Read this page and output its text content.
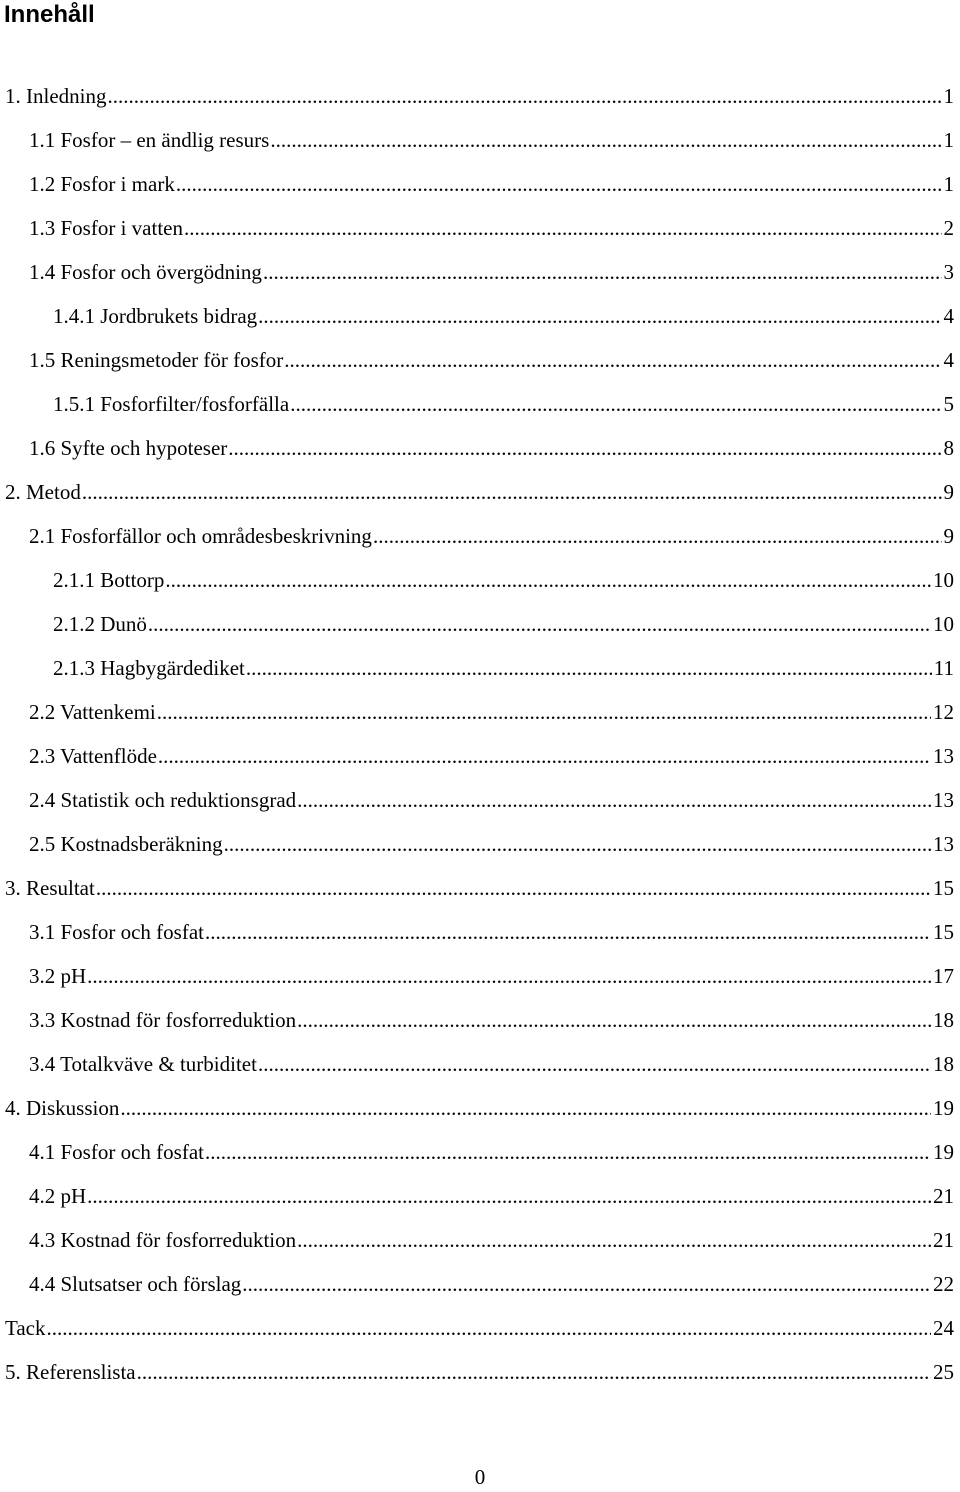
Innehåll
1. Inledning .....	1
1.1 Fosfor – en ändlig resurs .....	1
1.2 Fosfor i mark .....	1
1.3 Fosfor i vatten .....	2
1.4 Fosfor och övergödning .....	3
1.4.1 Jordbrukets bidrag .....	4
1.5 Reningsmetoder för fosfor .....	4
1.5.1 Fosforfilter/fosforfälla .....	5
1.6 Syfte och hypoteser .....	8
2. Metod .....	9
2.1 Fosforfällor och områdesbeskrivning .....	9
2.1.1 Bottorp .....	10
2.1.2 Dunö .....	10
2.1.3 Hagbygärdediket .....	11
2.2 Vattenkemi .....	12
2.3 Vattenflöde .....	13
2.4 Statistik och reduktionsgrad .....	13
2.5 Kostnadsberäkning .....	13
3. Resultat .....	15
3.1 Fosfor och fosfat .....	15
3.2 pH .....	17
3.3 Kostnad för fosforreduktion .....	18
3.4 Totalkväve & turbiditet .....	18
4. Diskussion .....	19
4.1 Fosfor och fosfat .....	19
4.2 pH .....	21
4.3 Kostnad för fosforreduktion .....	21
4.4 Slutsatser och förslag .....	22
Tack .....	24
5. Referenslista .....	25
0
